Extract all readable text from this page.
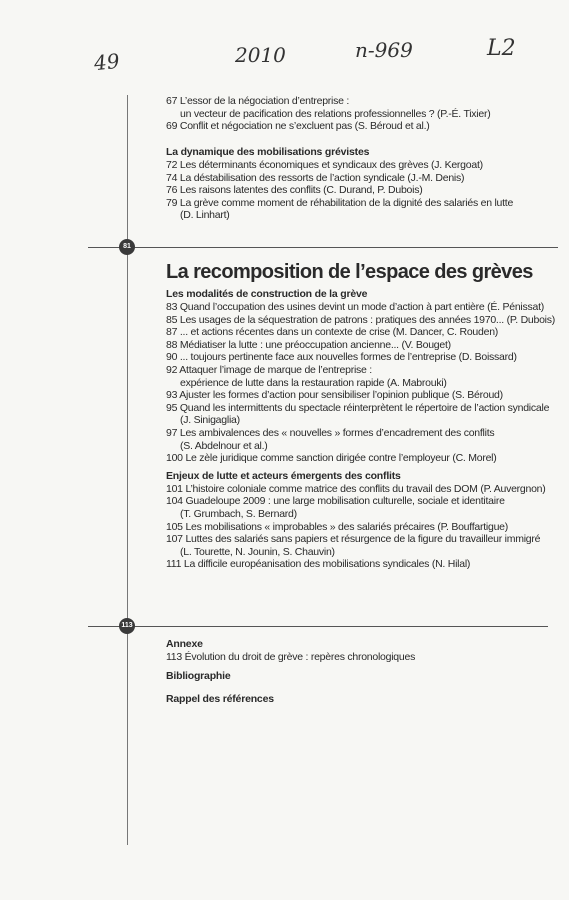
49	2010	n-969	L2
81
113
67 L’essor de la négociation d’entreprise :
un vecteur de pacification des relations professionnelles ? (P.-É. Tixier)
69 Conflit et négociation ne s’excluent pas (S. Béroud et al.)
La dynamique des mobilisations grévistes
72 Les déterminants économiques et syndicaux des grèves (J. Kergoat)
74 La déstabilisation des ressorts de l’action syndicale (J.-M. Denis)
76 Les raisons latentes des conflits (C. Durand, P. Dubois)
79 La grève comme moment de réhabilitation de la dignité des salariés en lutte
(D. Linhart)
La recomposition de l’espace des grèves
Les modalités de construction de la grève
83 Quand l’occupation des usines devint un mode d’action à part entière (É. Pénissat)
85 Les usages de la séquestration de patrons : pratiques des années 1970... (P. Dubois)
87 ... et actions récentes dans un contexte de crise (M. Dancer, C. Rouden)
88 Médiatiser la lutte : une préoccupation ancienne... (V. Bouget)
90 ... toujours pertinente face aux nouvelles formes de l’entreprise (D. Boissard)
92 Attaquer l’image de marque de l’entreprise :
expérience de lutte dans la restauration rapide (A. Mabrouki)
93 Ajuster les formes d’action pour sensibiliser l’opinion publique (S. Béroud)
95 Quand les intermittents du spectacle réinterprètent le répertoire de l’action syndicale
(J. Sinigaglia)
97 Les ambivalences des « nouvelles » formes d’encadrement des conflits
(S. Abdelnour et al.)
100 Le zèle juridique comme sanction dirigée contre l’employeur (C. Morel)
Enjeux de lutte et acteurs émergents des conflits
101 L’histoire coloniale comme matrice des conflits du travail des DOM (P. Auvergnon)
104 Guadeloupe 2009 : une large mobilisation culturelle, sociale et identitaire
(T. Grumbach, S. Bernard)
105 Les mobilisations « improbables » des salariés précaires (P. Bouffartigue)
107 Luttes des salariés sans papiers et résurgence de la figure du travailleur immigré
(L. Tourette, N. Jounin, S. Chauvin)
111 La difficile européanisation des mobilisations syndicales (N. Hilal)
Annexe
113 Évolution du droit de grève : repères chronologiques
Bibliographie
Rappel des références
